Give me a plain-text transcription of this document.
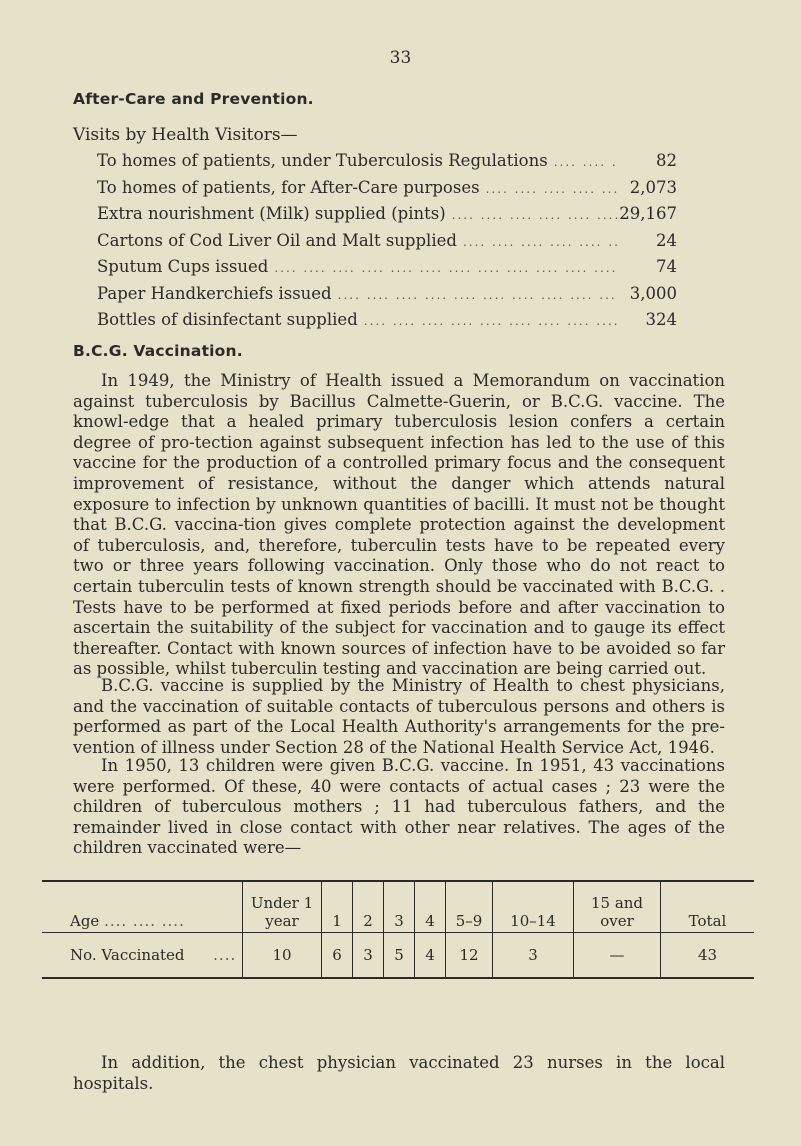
33
After-Care and Prevention.
Visits by Health Visitors—
To homes of patients, under Tuberculosis Regulations ....	82
To homes of patients, for After-Care purposes ....	2,073
Extra nourishment (Milk) supplied (pints) ....	29,167
Cartons of Cod Liver Oil and Malt supplied ....	24
Sputum Cups issued ....	74
Paper Handkerchiefs issued ....	3,000
Bottles of disinfectant supplied ....	324
B.C.G. Vaccination.

In 1949, the Ministry of Health issued a Memorandum on vaccination against tuberculosis by Bacillus Calmette-Guerin, or B.C.G. vaccine. The knowl-edge that a healed primary tuberculosis lesion confers a certain degree of pro-tection against subsequent infection has led to the use of this vaccine for the production of a controlled primary focus and the consequent improvement of resistance, without the danger which attends natural exposure to infection by unknown quantities of bacilli. It must not be thought that B.C.G. vaccina-tion gives complete protection against the development of tuberculosis, and, therefore, tuberculin tests have to be repeated every two or three years following vaccination. Only those who do not react to certain tuberculin tests of known strength should be vaccinated with B.C.G. . Tests have to be performed at fixed periods before and after vaccination to ascertain the suitability of the subject for vaccination and to gauge its effect thereafter. Contact with known sources of infection have to be avoided so far as possible, whilst tuberculin testing and vaccination are being carried out.

B.C.G. vaccine is supplied by the Ministry of Health to chest physicians, and the vaccination of suitable contacts of tuberculous persons and others is performed as part of the Local Health Authority's arrangements for the pre-vention of illness under Section 28 of the National Health Service Act, 1946.

In 1950, 13 children were given B.C.G. vaccine. In 1951, 43 vaccinations were performed. Of these, 40 were contacts of actual cases ; 23 were the children of tuberculous mothers ; 11 had tuberculous fathers, and the remainder lived in close contact with other near relatives. The ages of the children vaccinated were—

Age .... .... ....	Under 1 year	1	2	3	4	5–9	10–14	15 and over	Total
No. Vaccinated ....	10	6	3	5	4	12	3	—	43

In addition, the chest physician vaccinated 23 nurses in the local hospitals.
